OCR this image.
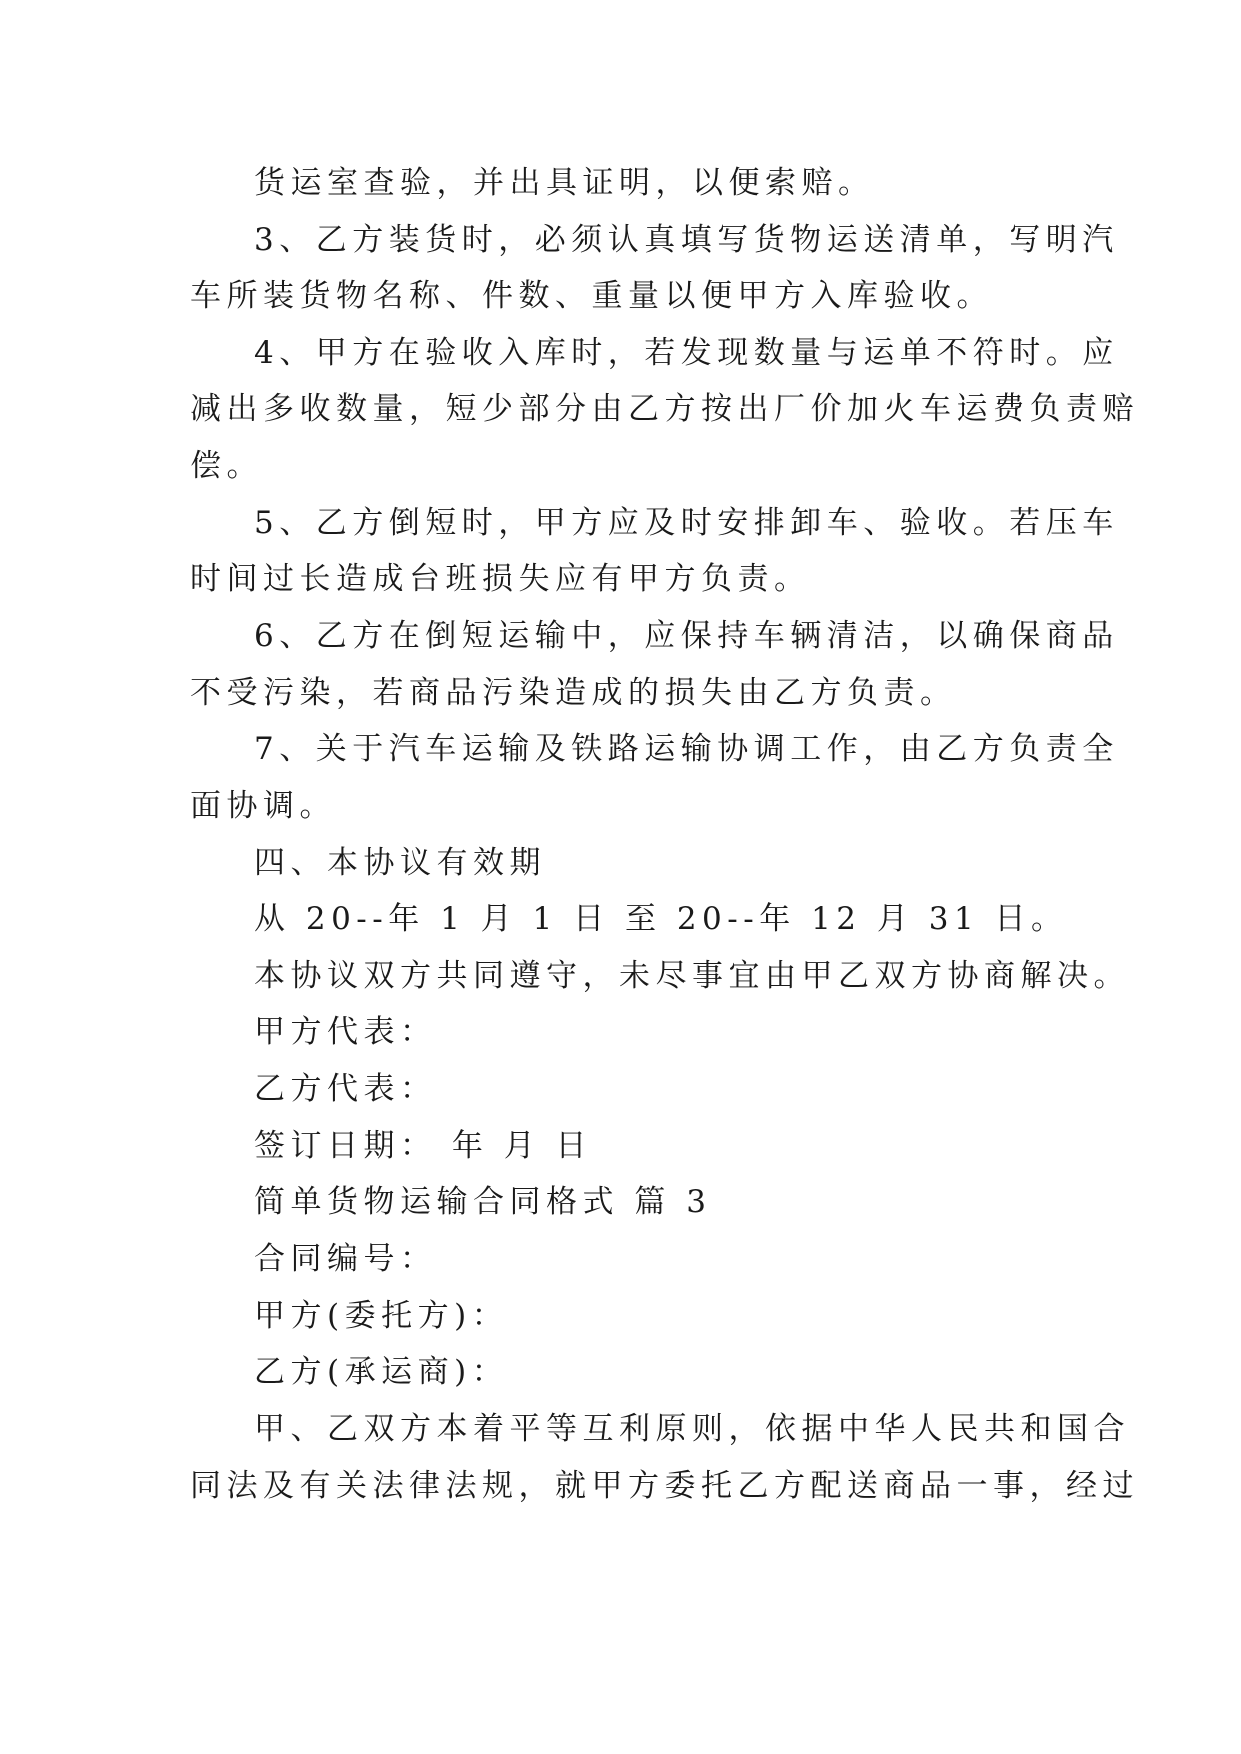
货运室查验，并出具证明，以便索赔。
3、乙方装货时，必须认真填写货物运送清单，写明汽
车所装货物名称、件数、重量以便甲方入库验收。
4、甲方在验收入库时，若发现数量与运单不符时。应
减出多收数量，短少部分由乙方按出厂价加火车运费负责赔
偿。
5、乙方倒短时，甲方应及时安排卸车、验收。若压车
时间过长造成台班损失应有甲方负责。
6、乙方在倒短运输中，应保持车辆清洁，以确保商品
不受污染，若商品污染造成的损失由乙方负责。
7、关于汽车运输及铁路运输协调工作，由乙方负责全
面协调。
四、本协议有效期
从 20--年 1 月 1 日 至 20--年 12 月 31 日。
本协议双方共同遵守，未尽事宜由甲乙双方协商解决。
甲方代表：
乙方代表：
签订日期： 年 月 日
简单货物运输合同格式 篇 3
合同编号：
甲方(委托方)：
乙方(承运商)：
甲、乙双方本着平等互利原则，依据中华人民共和国合
同法及有关法律法规，就甲方委托乙方配送商品一事，经过
